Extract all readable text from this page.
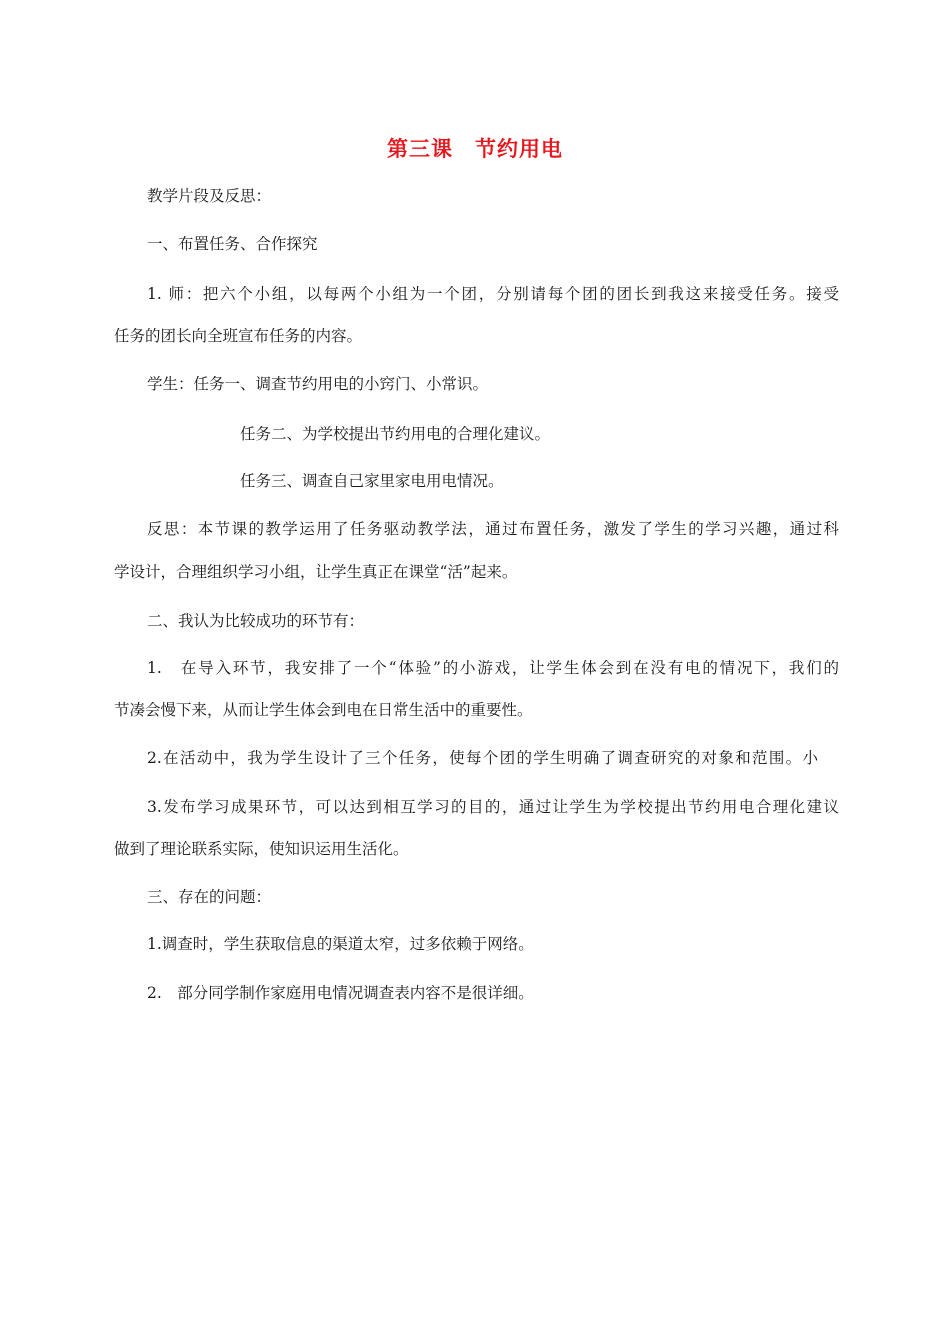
第三课 节约用电
教学片段及反思：
一、布置任务、合作探究
1. 师：把六个小组，以每两个小组为一个团，分别请每个团的团长到我这来接受任务。接受
任务的团长向全班宣布任务的内容。
学生：任务一、调查节约用电的小窍门、小常识。
任务二、为学校提出节约用电的合理化建议。
任务三、调查自己家里家电用电情况。
反思：本节课的教学运用了任务驱动教学法，通过布置任务，激发了学生的学习兴趣，通过科
学设计，合理组织学习小组，让学生真正在课堂“活”起来。
二、我认为比较成功的环节有：
1.　在导入环节，我安排了一个“体验”的小游戏，让学生体会到在没有电的情况下，我们的
节凑会慢下来，从而让学生体会到电在日常生活中的重要性。
2.在活动中，我为学生设计了三个任务，使每个团的学生明确了调查研究的对象和范围。小
3.发布学习成果环节，可以达到相互学习的目的，通过让学生为学校提出节约用电合理化建议
做到了理论联系实际，使知识运用生活化。
三、存在的问题：
1.调查时，学生获取信息的渠道太窄，过多依赖于网络。
2.　部分同学制作家庭用电情况调查表内容不是很详细。
